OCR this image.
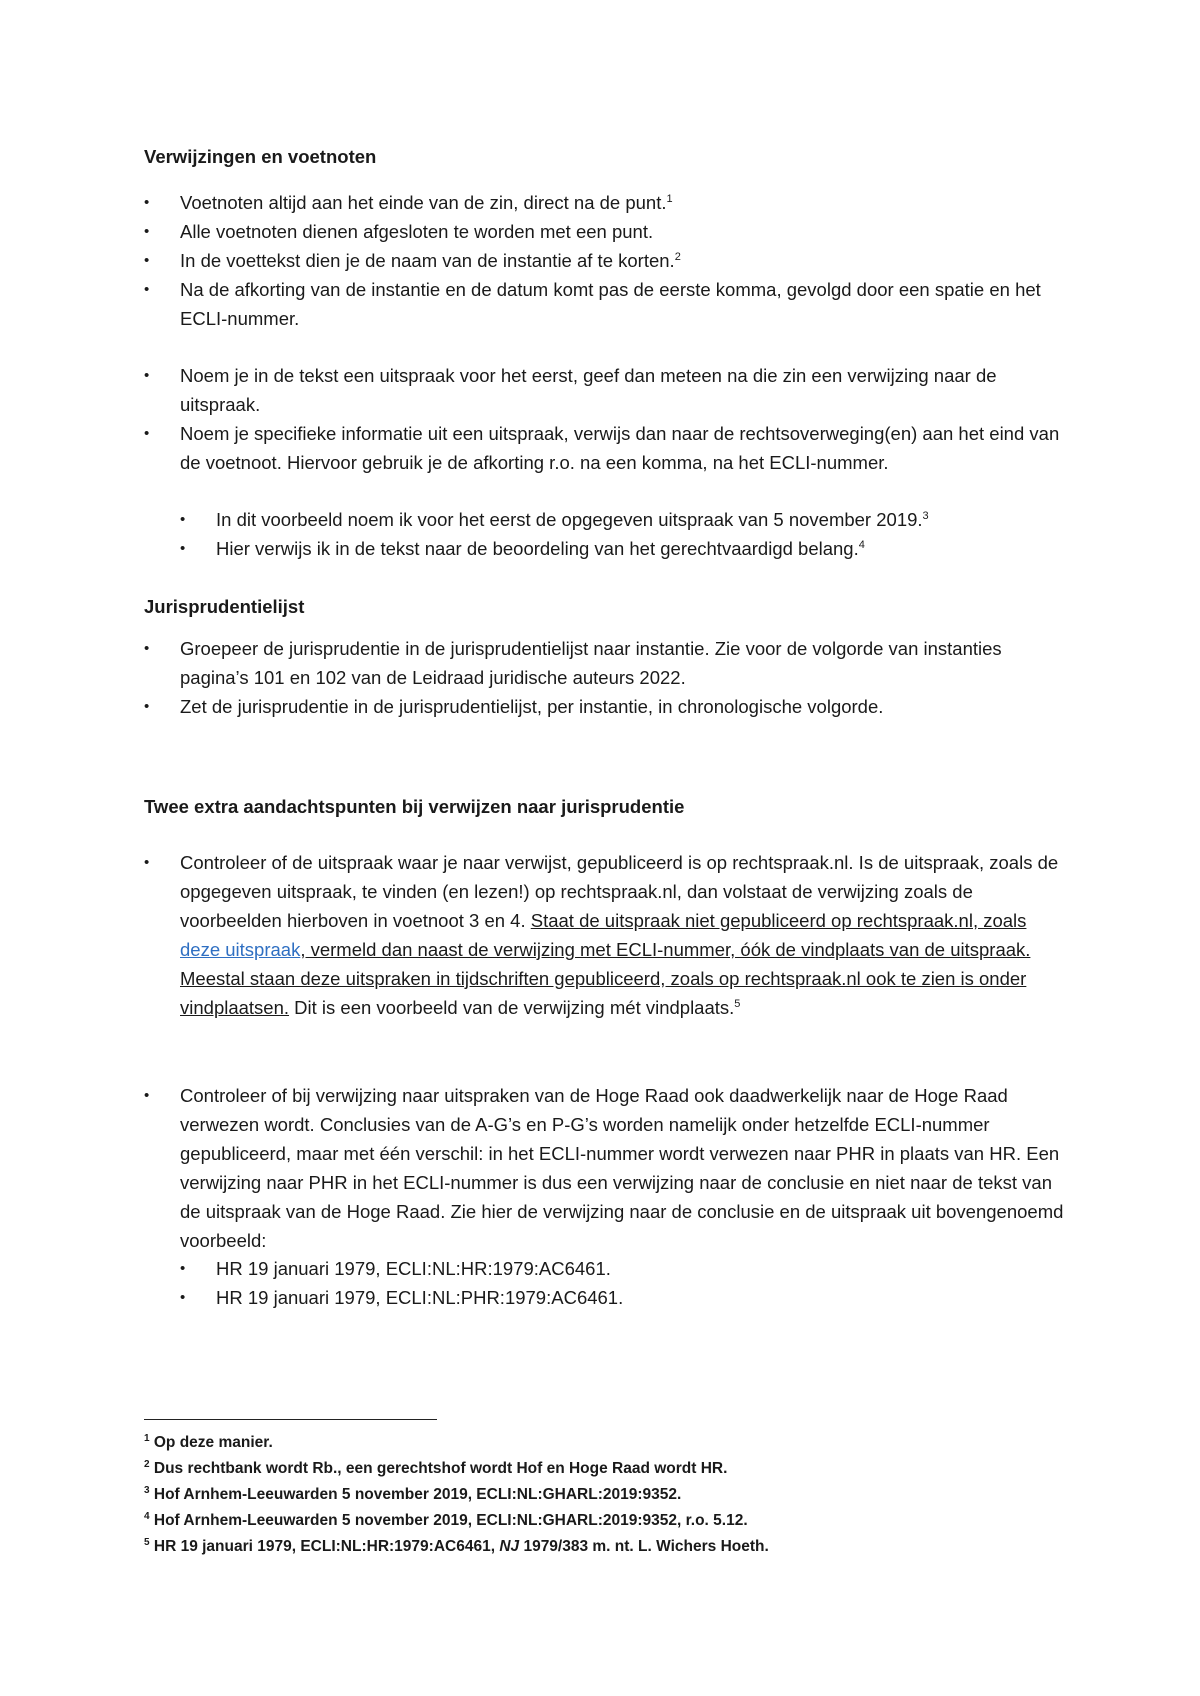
Verwijzingen en voetnoten
•	Voetnoten altijd aan het einde van de zin, direct na de punt.$^1$
•	Alle voetnoten dienen afgesloten te worden met een punt.
•	In de voettekst dien je de naam van de instantie af te korten.$^2$
•	Na de afkorting van de instantie en de datum komt pas de eerste komma, gevolgd door een spatie en het ECLI-nummer.
•	Noem je in de tekst een uitspraak voor het eerst, geef dan meteen na die zin een verwijzing naar de uitspraak.
•	Noem je specifieke informatie uit een uitspraak, verwijs dan naar de rechtsoverweging(en) aan het eind van de voetnoot. Hiervoor gebruik je de afkorting r.o. na een komma, na het ECLI-nummer.
•	In dit voorbeeld noem ik voor het eerst de opgegeven uitspraak van 5 november 2019.$^3$
•	Hier verwijs ik in de tekst naar de beoordeling van het gerechtvaardigd belang.$^4$
Jurisprudentielijst
•	Groepeer de jurisprudentie in de jurisprudentielijst naar instantie. Zie voor de volgorde van instanties pagina’s 101 en 102 van de Leidraad juridische auteurs 2022.
•	Zet de jurisprudentie in de jurisprudentielijst, per instantie, in chronologische volgorde.
Twee extra aandachtspunten bij verwijzen naar jurisprudentie
•	Controleer of de uitspraak waar je naar verwijst, gepubliceerd is op rechtspraak.nl. Is de uitspraak, zoals de opgegeven uitspraak, te vinden (en lezen!) op rechtspraak.nl, dan volstaat de verwijzing zoals de voorbeelden hierboven in voetnoot 3 en 4. Staat de uitspraak niet gepubliceerd op rechtspraak.nl, zoals deze uitspraak, vermeld dan naast de verwijzing met ECLI-nummer, óók de vindplaats van de uitspraak. Meestal staan deze uitspraken in tijdschriften gepubliceerd, zoals op rechtspraak.nl ook te zien is onder vindplaatsen. Dit is een voorbeeld van de verwijzing mét vindplaats.$^5$
•	Controleer of bij verwijzing naar uitspraken van de Hoge Raad ook daadwerkelijk naar de Hoge Raad verwezen wordt. Conclusies van de A-G’s en P-G’s worden namelijk onder hetzelfde ECLI-nummer gepubliceerd, maar met één verschil: in het ECLI-nummer wordt verwezen naar PHR in plaats van HR. Een verwijzing naar PHR in het ECLI-nummer is dus een verwijzing naar de conclusie en niet naar de tekst van de uitspraak van de Hoge Raad. Zie hier de verwijzing naar de conclusie en de uitspraak uit bovengenoemd voorbeeld:
•	HR 19 januari 1979, ECLI:NL:HR:1979:AC6461.
•	HR 19 januari 1979, ECLI:NL:PHR:1979:AC6461.
$^1$ Op deze manier.
$^2$ Dus rechtbank wordt Rb., een gerechtshof wordt Hof en Hoge Raad wordt HR.
$^3$ Hof Arnhem-Leeuwarden 5 november 2019, ECLI:NL:GHARL:2019:9352.
$^4$ Hof Arnhem-Leeuwarden 5 november 2019, ECLI:NL:GHARL:2019:9352, r.o. 5.12.
$^5$ HR 19 januari 1979, ECLI:NL:HR:1979:AC6461, NJ 1979/383 m. nt. L. Wichers Hoeth.
